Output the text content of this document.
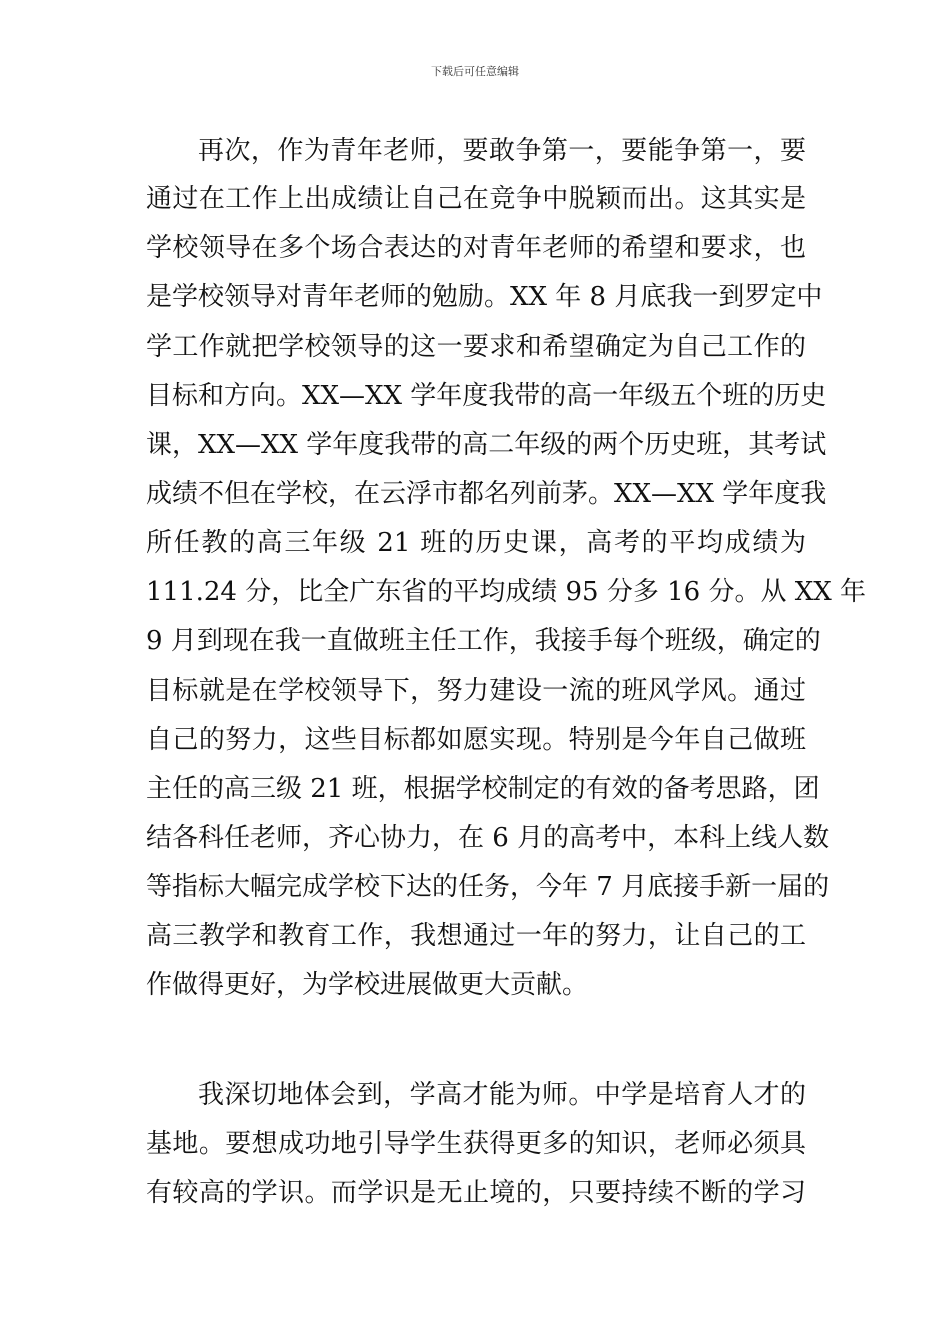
下载后可任意编辑
再次，作为青年老师，要敢争第一，要能争第一，要
通过在工作上出成绩让自己在竞争中脱颖而出。这其实是
学校领导在多个场合表达的对青年老师的希望和要求，也
是学校领导对青年老师的勉励。XX 年 8 月底我一到罗定中
学工作就把学校领导的这一要求和希望确定为自己工作的
目标和方向。XX—XX 学年度我带的高一年级五个班的历史
课，XX—XX 学年度我带的高二年级的两个历史班，其考试
成绩不但在学校，在云浮市都名列前茅。XX—XX 学年度我
所任教的高三年级 21 班的历史课，高考的平均成绩为
111.24 分，比全广东省的平均成绩 95 分多 16 分。从 XX 年
9 月到现在我一直做班主任工作，我接手每个班级，确定的
目标就是在学校领导下，努力建设一流的班风学风。通过
自己的努力，这些目标都如愿实现。特别是今年自己做班
主任的高三级 21 班，根据学校制定的有效的备考思路，团
结各科任老师，齐心协力，在 6 月的高考中，本科上线人数
等指标大幅完成学校下达的任务，今年 7 月底接手新一届的
高三教学和教育工作，我想通过一年的努力，让自己的工
作做得更好，为学校进展做更大贡献。
我深切地体会到，学高才能为师。中学是培育人才的
基地。要想成功地引导学生获得更多的知识，老师必须具
有较高的学识。而学识是无止境的，只要持续不断的学习
